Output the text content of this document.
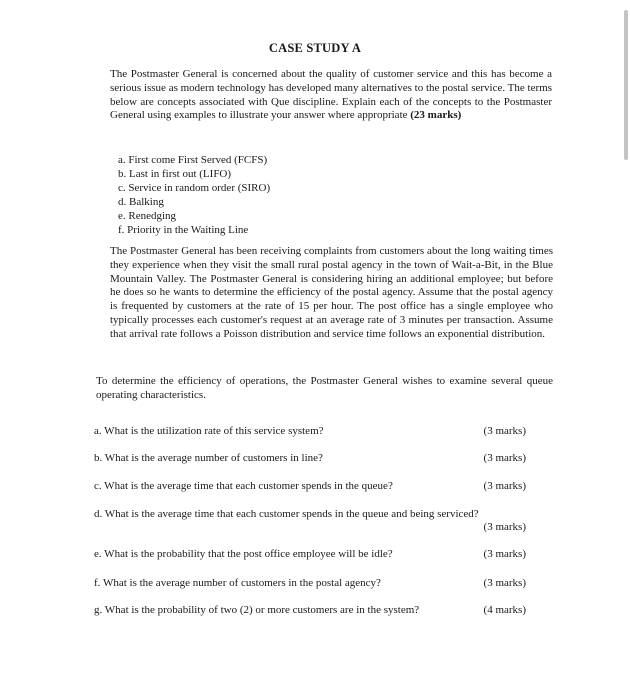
CASE STUDY A
The Postmaster General is concerned about the quality of customer service and this has become a serious issue as modern technology has developed many alternatives to the postal service. The terms below are concepts associated with Que discipline. Explain each of the concepts to the Postmaster General using examples to illustrate your answer where appropriate (23 marks)
a. First come First Served (FCFS)
b. Last in first out (LIFO)
c. Service in random order (SIRO)
d. Balking
e. Renedging
f. Priority in the Waiting Line
The Postmaster General has been receiving complaints from customers about the long waiting times they experience when they visit the small rural postal agency in the town of Wait-a-Bit, in the Blue Mountain Valley. The Postmaster General is considering hiring an additional employee; but before he does so he wants to determine the efficiency of the postal agency. Assume that the postal agency is frequented by customers at the rate of 15 per hour. The post office has a single employee who typically processes each customer's request at an average rate of 3 minutes per transaction. Assume that arrival rate follows a Poisson distribution and service time follows an exponential distribution.
To determine the efficiency of operations, the Postmaster General wishes to examine several queue operating characteristics.
a. What is the utilization rate of this service system?	(3 marks)
b. What is the average number of customers in line?	(3 marks)
c. What is the average time that each customer spends in the queue?	(3 marks)
d. What is the average time that each customer spends in the queue and being serviced?
(3 marks)
e. What is the probability that the post office employee will be idle?	(3 marks)
f. What is the average number of customers in the postal agency?	(3 marks)
g. What is the probability of two (2) or more customers are in the system?	(4 marks)
